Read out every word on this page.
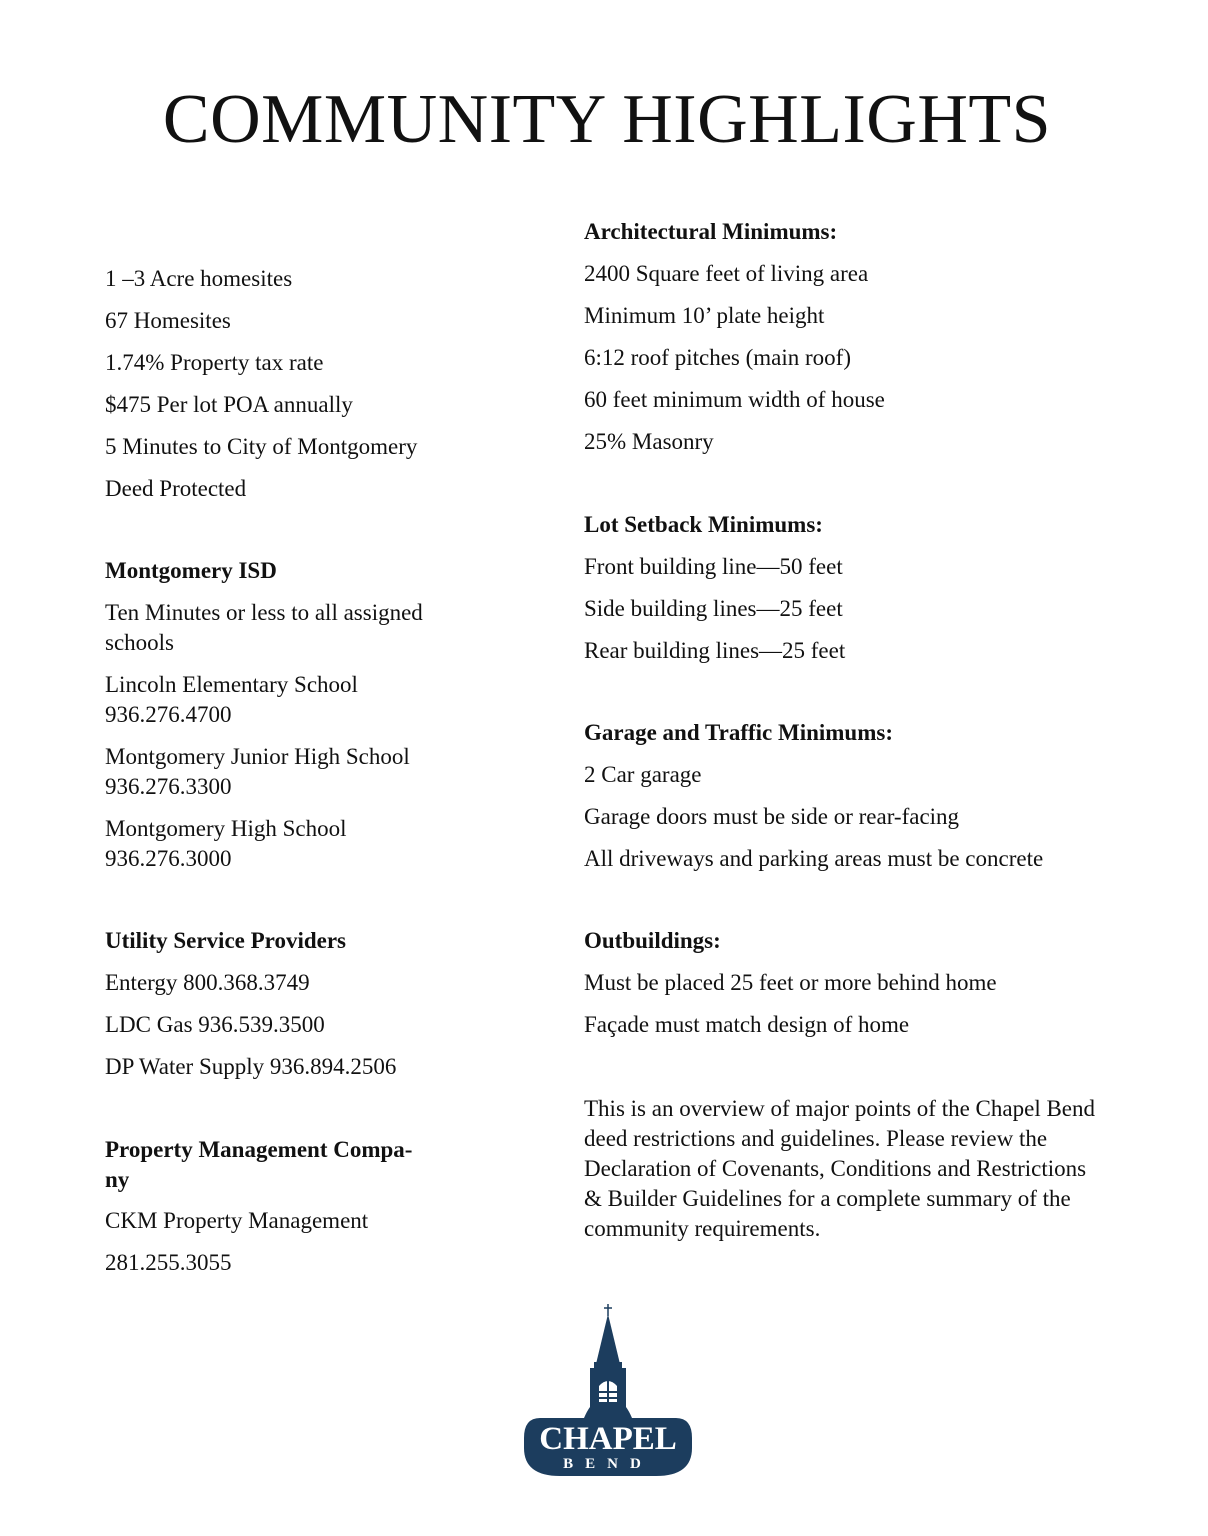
COMMUNITY HIGHLIGHTS

1 –3 Acre homesites

67 Homesites

1.74% Property tax rate

$475 Per lot POA annually

5 Minutes to City of Montgomery

Deed Protected

Montgomery ISD

Ten Minutes or less to all assigned

schools

Lincoln Elementary School

936.276.4700

Montgomery Junior High School

936.276.3300

Montgomery High School

936.276.3000

Utility Service Providers

Entergy 800.368.3749

LDC Gas 936.539.3500

DP Water Supply 936.894.2506

Property Management Compa-
ny

CKM Property Management

281.255.3055

Architectural Minimums:

2400 Square feet of living area

Minimum 10’ plate height

6:12 roof pitches (main roof)

60 feet minimum width of house

25% Masonry

Lot Setback Minimums:

Front building line—50 feet

Side building lines—25 feet

Rear building lines—25 feet

Garage and Traffic Minimums:

2 Car garage

Garage doors must be side or rear-facing

All driveways and parking areas must be concrete

Outbuildings:

Must be placed 25 feet or more behind home

Façade must match design of home

This is an overview of major points of the Chapel Bend

deed restrictions and guidelines. Please review the

Declaration of Covenants, Conditions and Restrictions

& Builder Guidelines for a complete summary of the

community requirements.

CHAPEL
BEND
